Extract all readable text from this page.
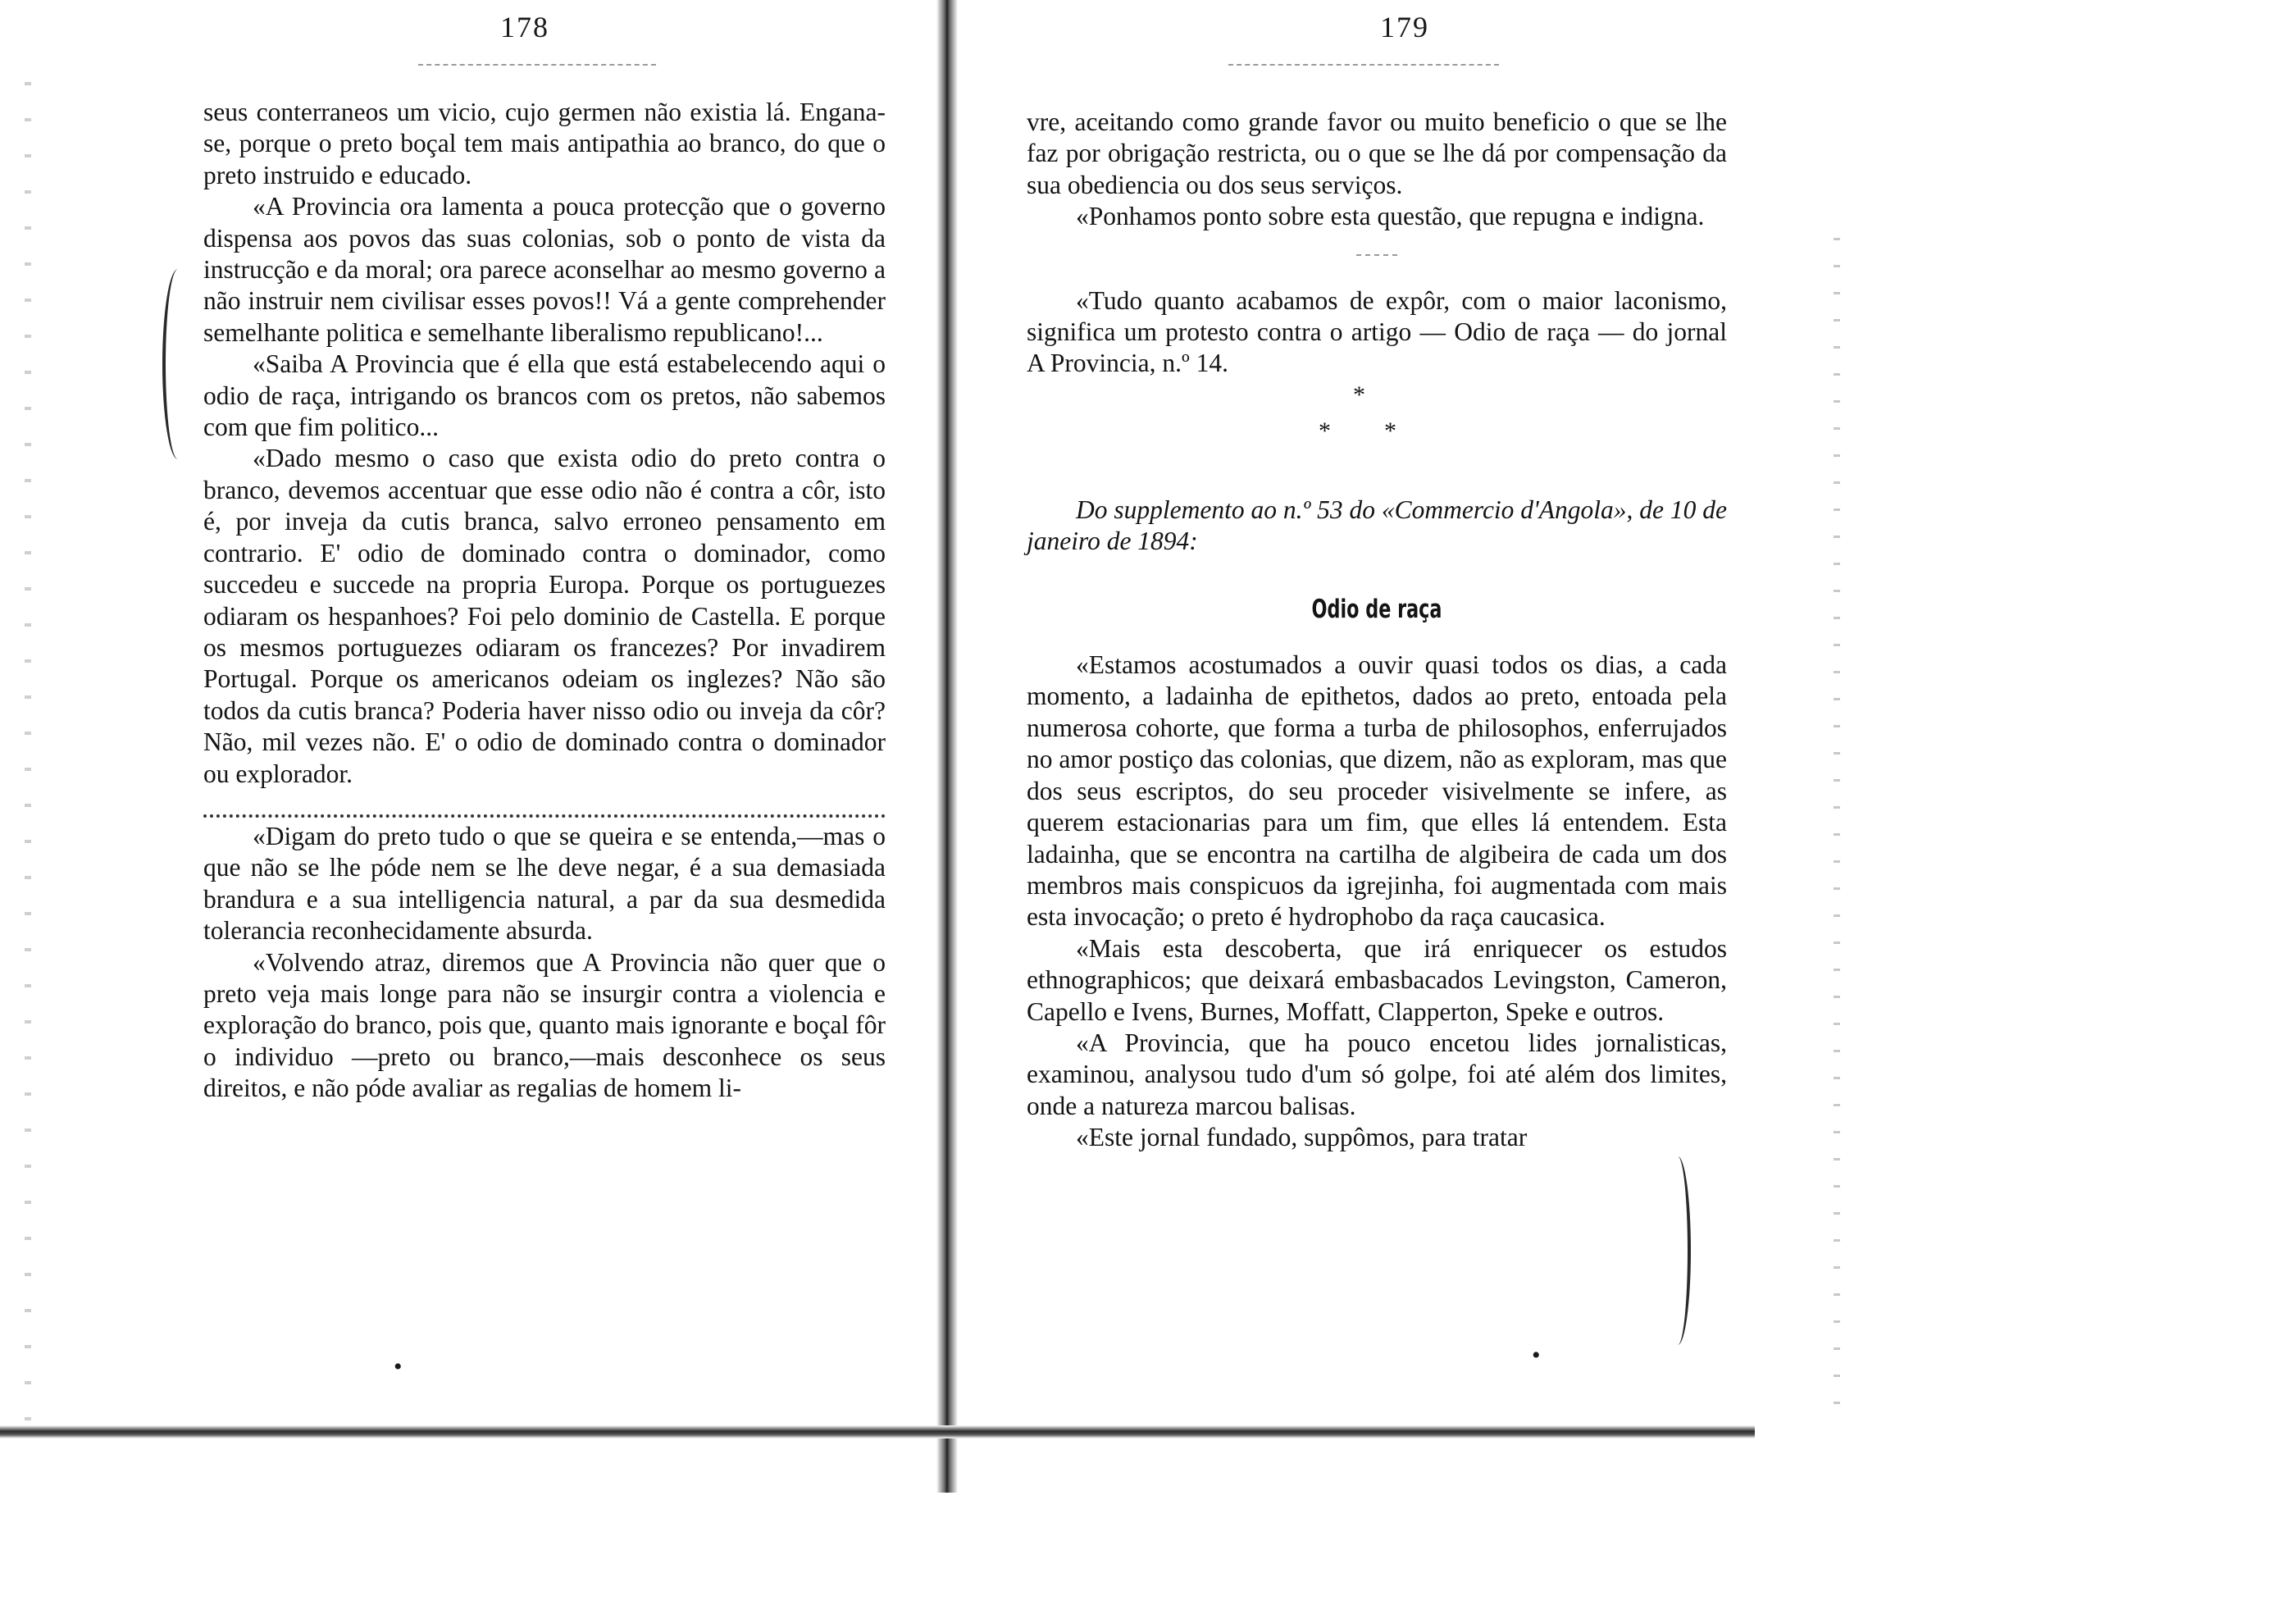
178

seus conterraneos um vicio, cujo germen não existia lá. Engana-se, porque o preto boçal tem mais antipathia ao branco, do que o preto instruido e educado.

«A Provincia ora lamenta a pouca protecção que o governo dispensa aos povos das suas colonias, sob o ponto de vista da instrucção e da moral; ora parece aconselhar ao mesmo governo a não instruir nem civilisar esses povos!! Vá a gente comprehender semelhante politica e semelhante liberalismo republicano!...

«Saiba A Provincia que é ella que está estabelecendo aqui o odio de raça, intrigando os brancos com os pretos, não sabemos com que fim politico...

«Dado mesmo o caso que exista odio do preto contra o branco, devemos accentuar que esse odio não é contra a côr, isto é, por inveja da cutis branca, salvo erroneo pensamento em contrario. E' odio de dominado contra o dominador, como succedeu e succede na propria Europa. Porque os portuguezes odiaram os hespanhoes? Foi pelo dominio de Castella. E porque os mesmos portuguezes odiaram os francezes? Por invadirem Portugal. Porque os americanos odeiam os inglezes? Não são todos da cutis branca? Poderia haver nisso odio ou inveja da côr? Não, mil vezes não. E' o odio de dominado contra o dominador ou explorador.

«Digam do preto tudo o que se queira e se entenda,—mas o que não se lhe póde nem se lhe deve negar, é a sua demasiada brandura e a sua intelligencia natural, a par da sua desmedida tolerancia reconhecidamente absurda.

«Volvendo atraz, diremos que A Provincia não quer que o preto veja mais longe para não se insurgir contra a violencia e exploração do branco, pois que, quanto mais ignorante e boçal fôr o individuo —preto ou branco,—mais desconhece os seus direitos, e não póde avaliar as regalias de homem li-

•
179

vre, aceitando como grande favor ou muito beneficio o que se lhe faz por obrigação restricta, ou o que se lhe dá por compensação da sua obediencia ou dos seus serviços.

«Ponhamos ponto sobre esta questão, que repugna e indigna.

«Tudo quanto acabamos de expôr, com o maior laconismo, significa um protesto contra o artigo — Odio de raça — do jornal A Provincia, n.º 14.

*
* *

Do supplemento ao n.º 53 do «Commercio d'Angola», de 10 de janeiro de 1894:

Odio de raça

«Estamos acostumados a ouvir quasi todos os dias, a cada momento, a ladainha de epithetos, dados ao preto, entoada pela numerosa cohorte, que forma a turba de philosophos, enferrujados no amor postiço das colonias, que dizem, não as exploram, mas que dos seus escriptos, do seu proceder visivelmente se infere, as querem estacionarias para um fim, que elles lá entendem. Esta ladainha, que se encontra na cartilha de algibeira de cada um dos membros mais conspicuos da igrejinha, foi augmentada com mais esta invocação; o preto é hydrophobo da raça caucasica.

«Mais esta descoberta, que irá enriquecer os estudos ethnographicos; que deixará embasbacados Levingston, Cameron, Capello e Ivens, Burnes, Moffatt, Clapperton, Speke e outros.

«A Provincia, que ha pouco encetou lides jornalisticas, examinou, analysou tudo d'um só golpe, foi até além dos limites, onde a natureza marcou balisas.

«Este jornal fundado, suppômos, para tratar

•
